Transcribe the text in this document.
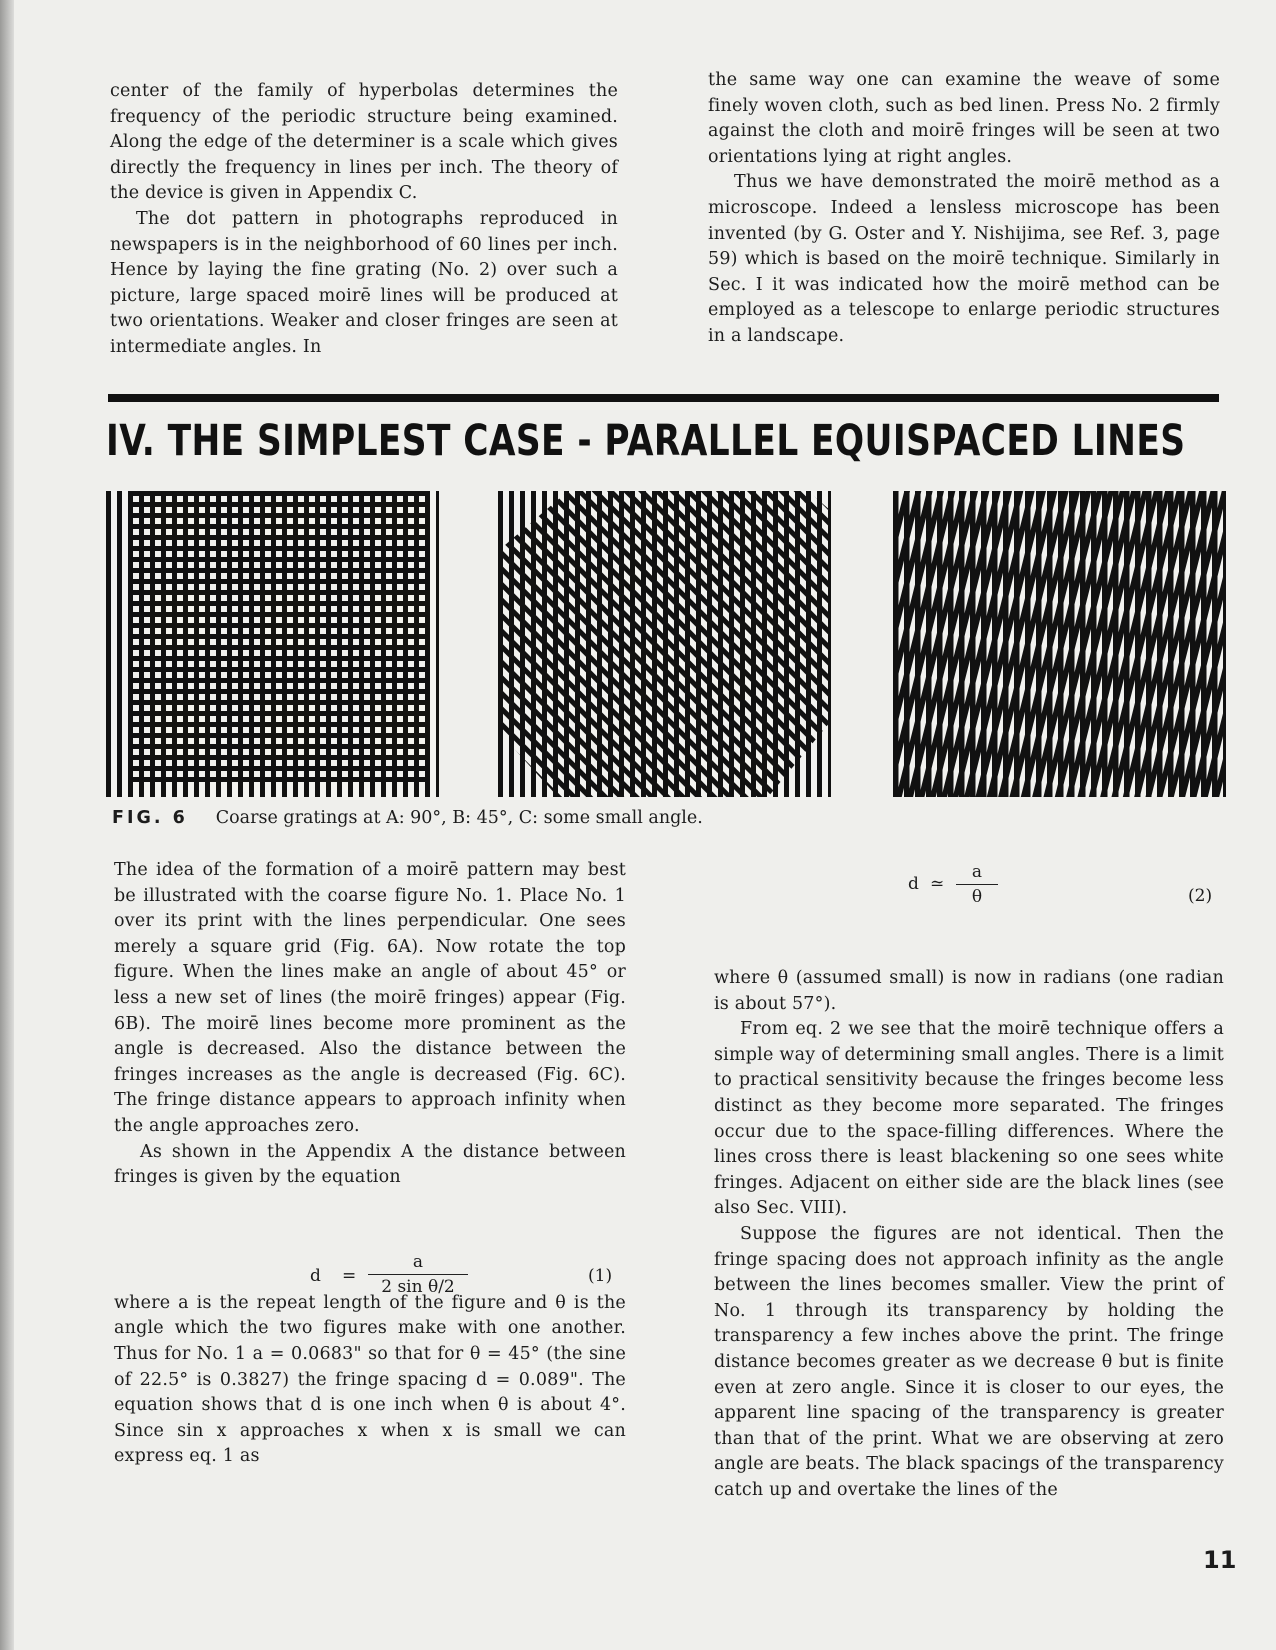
center of the family of hyperbolas determines the frequency of the periodic structure being examined. Along the edge of the determiner is a scale which gives directly the frequency in lines per inch. The theory of the device is given in Appendix C.

The dot pattern in photographs reproduced in newspapers is in the neighborhood of 60 lines per inch. Hence by laying the fine grating (No. 2) over such a picture, large spaced moirē lines will be produced at two orientations. Weaker and closer fringes are seen at intermediate angles. In

the same way one can examine the weave of some finely woven cloth, such as bed linen. Press No. 2 firmly against the cloth and moirē fringes will be seen at two orientations lying at right angles.

Thus we have demonstrated the moirē method as a microscope. Indeed a lensless microscope has been invented (by G. Oster and Y. Nishijima, see Ref. 3, page 59) which is based on the moirē technique. Similarly in Sec. I it was indicated how the moirē method can be employed as a telescope to enlarge periodic structures in a landscape.

IV. THE SIMPLEST CASE - PARALLEL EQUISPACED LINES
FIG. 6 Coarse gratings at A: 90°, B: 45°, C: some small angle.

The idea of the formation of a moirē pattern may best be illustrated with the coarse figure No. 1. Place No. 1 over its print with the lines perpendicular. One sees merely a square grid (Fig. 6A). Now rotate the top figure. When the lines make an angle of about 45° or less a new set of lines (the moirē fringes) appear (Fig. 6B). The moirē lines become more prominent as the angle is decreased. Also the distance between the fringes increases as the angle is decreased (Fig. 6C). The fringe distance appears to approach infinity when the angle approaches zero.

As shown in the Appendix A the distance between fringes is given by the equation

where a is the repeat length of the figure and θ is the angle which the two figures make with one another. Thus for No. 1 a = 0.0683" so that for θ = 45° (the sine of 22.5° is 0.3827) the fringe spacing d = 0.089". The equation shows that d is one inch when θ is about 4°. Since sin x approaches x when x is small we can express eq. 1 as

d =
a
2 sin θ/2
(1)
d ≃
a
θ	(2)

where θ (assumed small) is now in radians (one radian is about 57°).

From eq. 2 we see that the moirē technique offers a simple way of determining small angles. There is a limit to practical sensitivity because the fringes become less distinct as they become more separated. The fringes occur due to the space-filling differences. Where the lines cross there is least blackening so one sees white fringes. Adjacent on either side are the black lines (see also Sec. VIII).

Suppose the figures are not identical. Then the fringe spacing does not approach infinity as the angle between the lines becomes smaller. View the print of No. 1 through its transparency by holding the transparency a few inches above the print. The fringe distance becomes greater as we decrease θ but is finite even at zero angle. Since it is closer to our eyes, the apparent line spacing of the transparency is greater than that of the print. What we are observing at zero angle are beats. The black spacings of the transparency catch up and overtake the lines of the

11
